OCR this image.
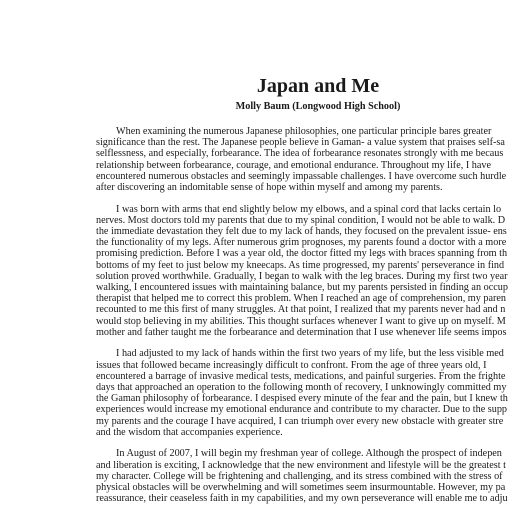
Japan and Me
Molly Baum (Longwood High School)
When examining the numerous Japanese philosophies, one particular principle bares greater
significance than the rest. The Japanese people believe in Gaman- a value system that praises self-sa
selflessness, and especially, forbearance. The idea of forbearance resonates strongly with me becaus
relationship between forbearance, courage, and emotional endurance. Throughout my life, I have
encountered numerous obstacles and seemingly impassable challenges. I have overcome such hurdle
after discovering an indomitable sense of hope within myself and among my parents.
I was born with arms that end slightly below my elbows, and a spinal cord that lacks certain lo
nerves. Most doctors told my parents that due to my spinal condition, I would not be able to walk. D
the immediate devastation they felt due to my lack of hands, they focused on the prevalent issue- ens
the functionality of my legs. After numerous grim prognoses, my parents found a doctor with a more
promising prediction. Before I was a year old, the doctor fitted my legs with braces spanning from th
bottoms of my feet to just below my kneecaps. As time progressed, my parents' perseverance in find
solution proved worthwhile. Gradually, I began to walk with the leg braces. During my first two year
walking, I encountered issues with maintaining balance, but my parents persisted in finding an occup
therapist that helped me to correct this problem. When I reached an age of comprehension, my paren
recounted to me this first of many struggles. At that point, I realized that my parents never had and n
would stop believing in my abilities. This thought surfaces whenever I want to give up on myself. M
mother and father taught me the forbearance and determination that I use whenever life seems impos
I had adjusted to my lack of hands within the first two years of my life, but the less visible med
issues that followed became increasingly difficult to confront. From the age of three years old, I
encountered a barrage of invasive medical tests, medications, and painful surgeries. From the frighte
days that approached an operation to the following month of recovery, I unknowingly committed my
the Gaman philosophy of forbearance. I despised every minute of the fear and the pain, but I knew th
experiences would increase my emotional endurance and contribute to my character. Due to the supp
my parents and the courage I have acquired, I can triumph over every new obstacle with greater stre
and the wisdom that accompanies experience.
In August of 2007, I will begin my freshman year of college. Although the prospect of indepen
and liberation is exciting, I acknowledge that the new environment and lifestyle will be the greatest t
my character. College will be frightening and challenging, and its stress combined with the stress of
physical obstacles will be overwhelming and will sometimes seem insurmountable. However, my pa
reassurance, their ceaseless faith in my capabilities, and my own perseverance will enable me to adju
